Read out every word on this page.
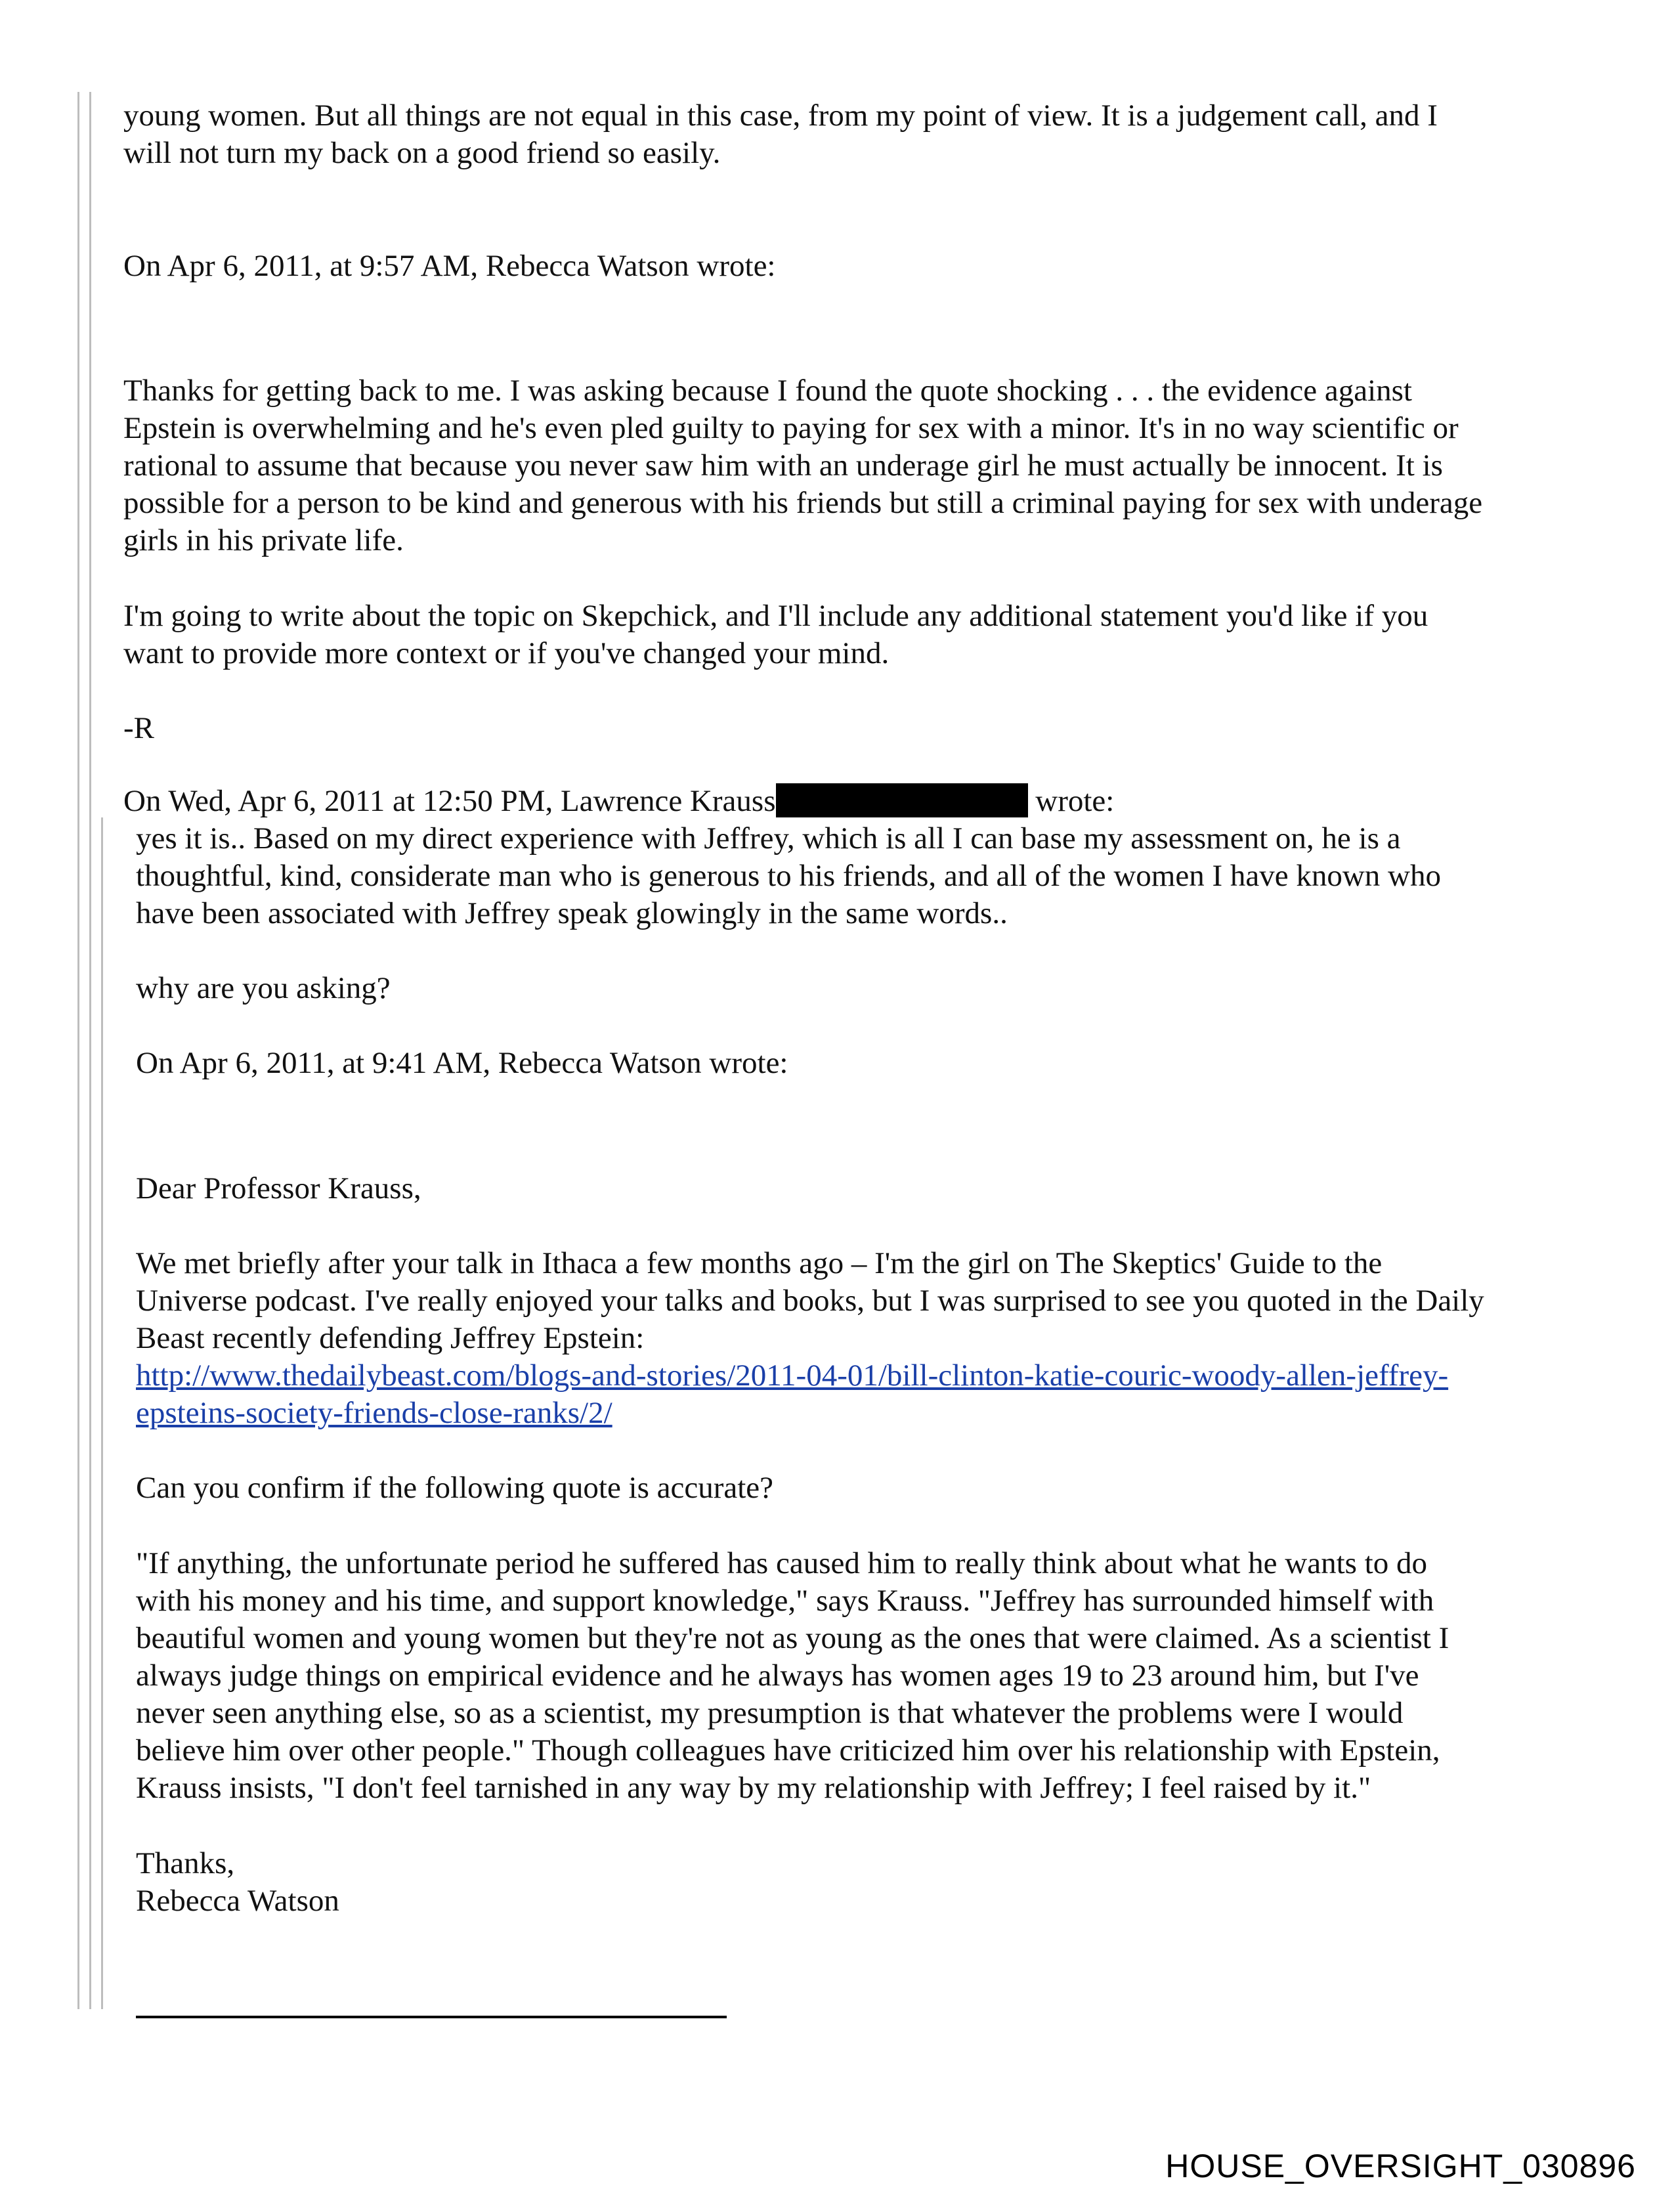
young women. But all things are not equal in this case, from my point of view. It is a judgement call, and I

will not turn my back on a good friend so easily.

On Apr 6, 2011, at 9:57 AM, Rebecca Watson wrote:

Thanks for getting back to me. I was asking because I found the quote shocking . . . the evidence against

Epstein is overwhelming and he's even pled guilty to paying for sex with a minor. It's in no way scientific or

rational to assume that because you never saw him with an underage girl he must actually be innocent. It is

possible for a person to be kind and generous with his friends but still a criminal paying for sex with underage

girls in his private life.

I'm going to write about the topic on Skepchick, and I'll include any additional statement you'd like if you

want to provide more context or if you've changed your mind.

-R

On Wed, Apr 6, 2011 at 12:50 PM, Lawrence Krauss	wrote:

yes it is.. Based on my direct experience with Jeffrey, which is all I can base my assessment on, he is a

thoughtful, kind, considerate man who is generous to his friends, and all of the women I have known who

have been associated with Jeffrey speak glowingly in the same words..

why are you asking?

On Apr 6, 2011, at 9:41 AM, Rebecca Watson wrote:

Dear Professor Krauss,

We met briefly after your talk in Ithaca a few months ago – I'm the girl on The Skeptics' Guide to the

Universe podcast. I've really enjoyed your talks and books, but I was surprised to see you quoted in the Daily

Beast recently defending Jeffrey Epstein:

http://www.thedailybeast.com/blogs-and-stories/2011-04-01/bill-clinton-katie-couric-woody-allen-jeffrey-

epsteins-society-friends-close-ranks/2/

Can you confirm if the following quote is accurate?

"If anything, the unfortunate period he suffered has caused him to really think about what he wants to do

with his money and his time, and support knowledge," says Krauss. "Jeffrey has surrounded himself with

beautiful women and young women but they're not as young as the ones that were claimed. As a scientist I

always judge things on empirical evidence and he always has women ages 19 to 23 around him, but I've

never seen anything else, so as a scientist, my presumption is that whatever the problems were I would

believe him over other people." Though colleagues have criticized him over his relationship with Epstein,

Krauss insists, "I don't feel tarnished in any way by my relationship with Jeffrey; I feel raised by it."

Thanks,

Rebecca Watson

HOUSE_OVERSIGHT_030896
